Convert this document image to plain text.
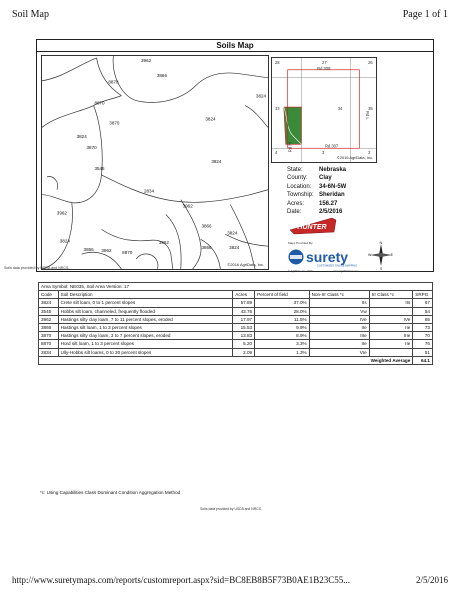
Soil Map	Page 1 of 1
Soils Map
3962
8870
3866
3824
3824
8870
3870
3824
3870
3545
3824
2834
3962
3962
3824
3866
3824
3866 3962 8870
3962
3866	3824
©2016 AgriData, Inc.
Soils data provided by USDA and NRCS.
28	27	26
33	34	35
4	3	2
Rd 308
Rd 307
Rd M
Rd L
©2016 AgriData, Inc.
State:	Nebraska
County:	Clay
Location:	34-6N-5W
Township: Sheridan
Acres:	156.27
Date:	2/5/2016
HUNTER
Maps Provided By:
surety
CUSTOMIZED ONLINE MAPPING
© AgriData, Inc. 2016	www.AgriDataInc.com
N
S
E
W
Area Symbol: NE035, Soil Area Version: 17						
Code	Soil Description	Acres	Percent of field	Non-Irr Class *c	Irr Class *c	SRPG
3824	Crete silt loam, 0 to 1 percent slopes	57.89	37.0%	IIs	IIs	67
3545	Hobbs silt loam, channeled, frequently flooded	43.76	28.0%	Vw		54
3962	Hastings silty clay loam, 7 to 11 percent slopes, eroded	17.97	11.5%	IVe	IVe	65
3866	Hastings silt loam, 1 to 3 percent slopes	15.53	9.9%	IIe	IIe	73
3870	Hastings silty clay loam, 3 to 7 percent slopes, eroded	13.83	8.9%	IIIe	IIIe	70
8870	Hord silt loam, 1 to 3 percent slopes	5.20	3.3%	IIe	IIe	76
2834	Ully-Hobbs silt loams, 0 to 30 percent slopes	2.09	1.3%	VIe		51
Weighted Average						64.1
*c: Using Capabilities Class Dominant Condition Aggregation Method
Soils data provided by USDA and NRCS.
http://www.suretymaps.com/reports/customreport.aspx?sid=BC8EB8B5F73B0AE1B23C55...	2/5/2016
